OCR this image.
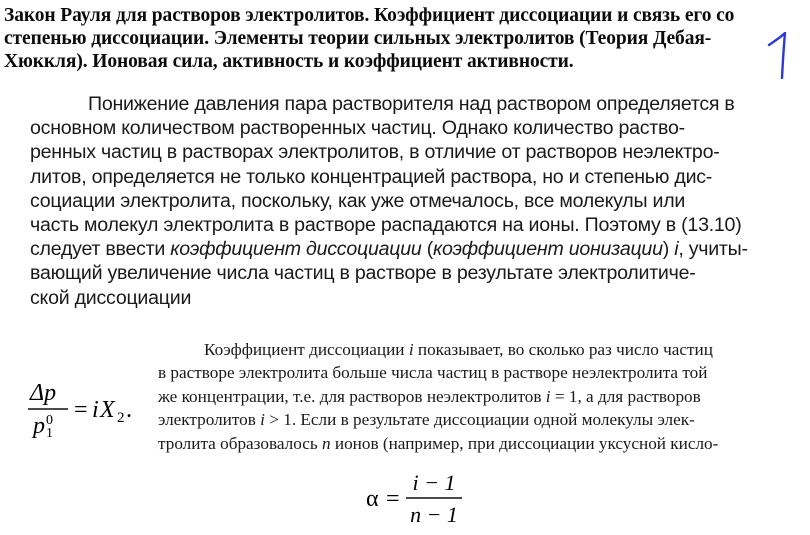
Закон Рауля для растворов электролитов. Коэффициент диссоциации и связь его со
степенью диссоциации. Элементы теории сильных электролитов (Теория Дебая-
Хюккля). Ионовая сила, активность и коэффициент активности.
Понижение давления пара растворителя над раствором определяется в
основном количеством растворенных частиц. Однако количество раство-
ренных частиц в растворах электролитов, в отличие от растворов неэлектро-
литов, определяется не только концентрацией раствора, но и степенью дис-
социации электролита, поскольку, как уже отмечалось, все молекулы или
часть молекул электролита в растворе распадаются на ионы. Поэтому в (13.10)
следует ввести коэффициент диссоциации (коэффициент ионизации) i, учиты-
вающий увеличение числа частиц в растворе в результате электролитиче-
ской диссоциации
Δp
p 1
0 = i X 2 .
Коэффициент диссоциации i показывает, во сколько раз число частиц
в растворе электролита больше числа частиц в растворе неэлектролита той
же концентрации, т.е. для растворов неэлектролитов i = 1, а для растворов
электролитов i > 1. Если в результате диссоциации одной молекулы элек-
тролита образовалось n ионов (например, при диссоциации уксусной кисло-
α =
i − 1
n − 1
